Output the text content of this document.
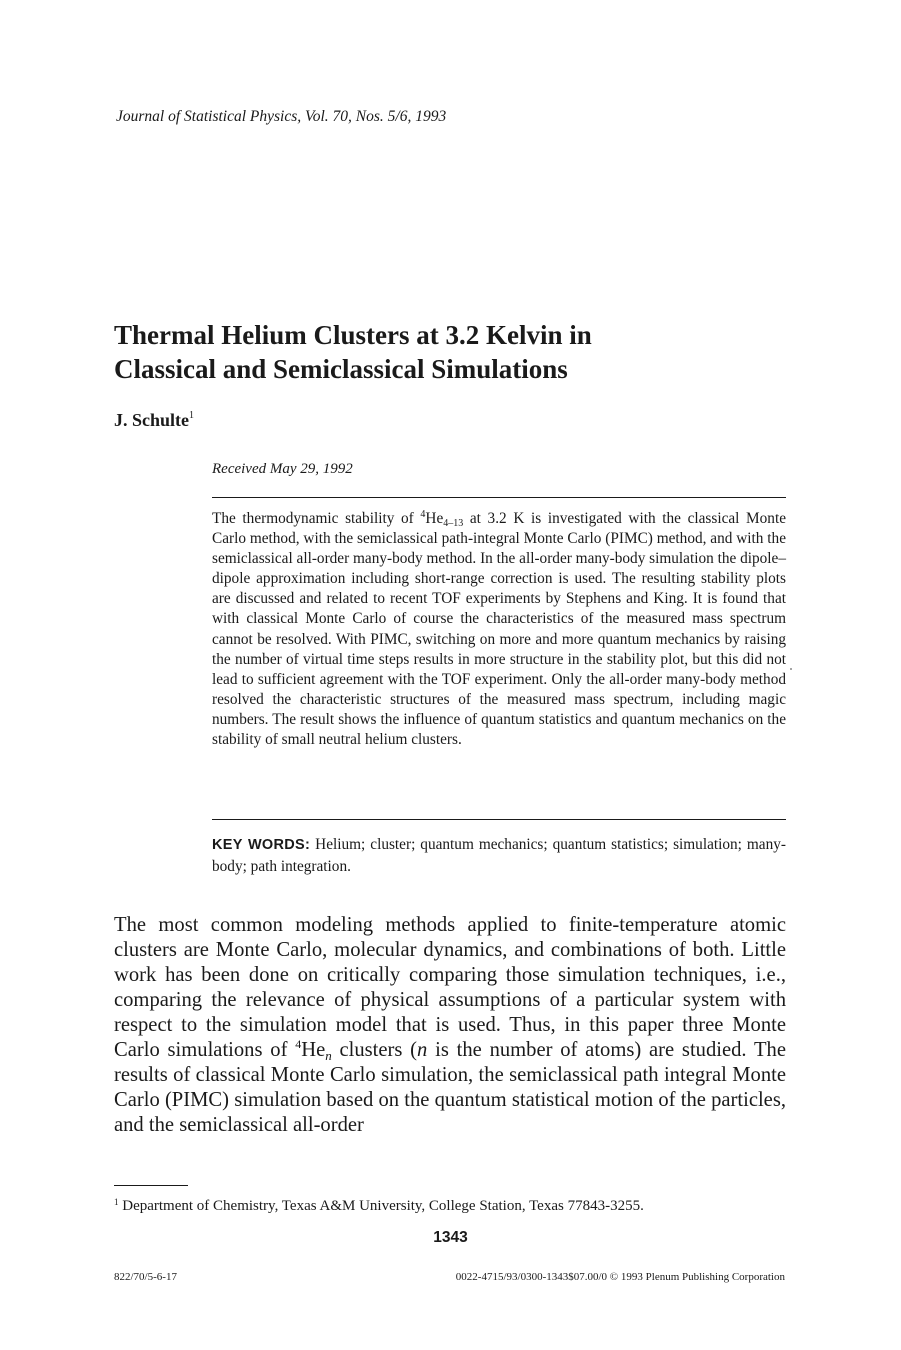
Journal of Statistical Physics, Vol. 70, Nos. 5/6, 1993
Thermal Helium Clusters at 3.2 Kelvin in
Classical and Semiclassical Simulations
J. Schulte$^1$
Received May 29, 1992
The thermodynamic stability of $^4He_{4-13}$ at 3.2 K is investigated with the classical Monte Carlo method, with the semiclassical path-integral Monte Carlo (PIMC) method, and with the semiclassical all-order many-body method. In the all-order many-body simulation the dipole–dipole approximation including short-range correction is used. The resulting stability plots are discussed and related to recent TOF experiments by Stephens and King. It is found that with classical Monte Carlo of course the characteristics of the measured mass spectrum cannot be resolved. With PIMC, switching on more and more quantum mechanics by raising the number of virtual time steps results in more structure in the stability plot, but this did not lead to sufficient agreement with the TOF experiment. Only the all-order many-body method resolved the characteristic structures of the measured mass spectrum, including magic numbers. The result shows the influence of quantum statistics and quantum mechanics on the stability of small neutral helium clusters.
KEY WORDS: Helium; cluster; quantum mechanics; quantum statistics; simulation; many-body; path integration.
The most common modeling methods applied to finite-temperature atomic clusters are Monte Carlo, molecular dynamics, and combinations of both. Little work has been done on critically comparing those simulation techniques, i.e., comparing the relevance of physical assumptions of a particular system with respect to the simulation model that is used. Thus, in this paper three Monte Carlo simulations of $^4He_n$ clusters (n is the number of atoms) are studied. The results of classical Monte Carlo simulation, the semiclassical path integral Monte Carlo (PIMC) simulation based on the quantum statistical motion of the particles, and the semiclassical all-order
$^1$ Department of Chemistry, Texas A&M University, College Station, Texas 77843-3255.
1343
822/70/5-6-17	0022-4715/93/0300-1343$07.00/0 © 1993 Plenum Publishing Corporation
